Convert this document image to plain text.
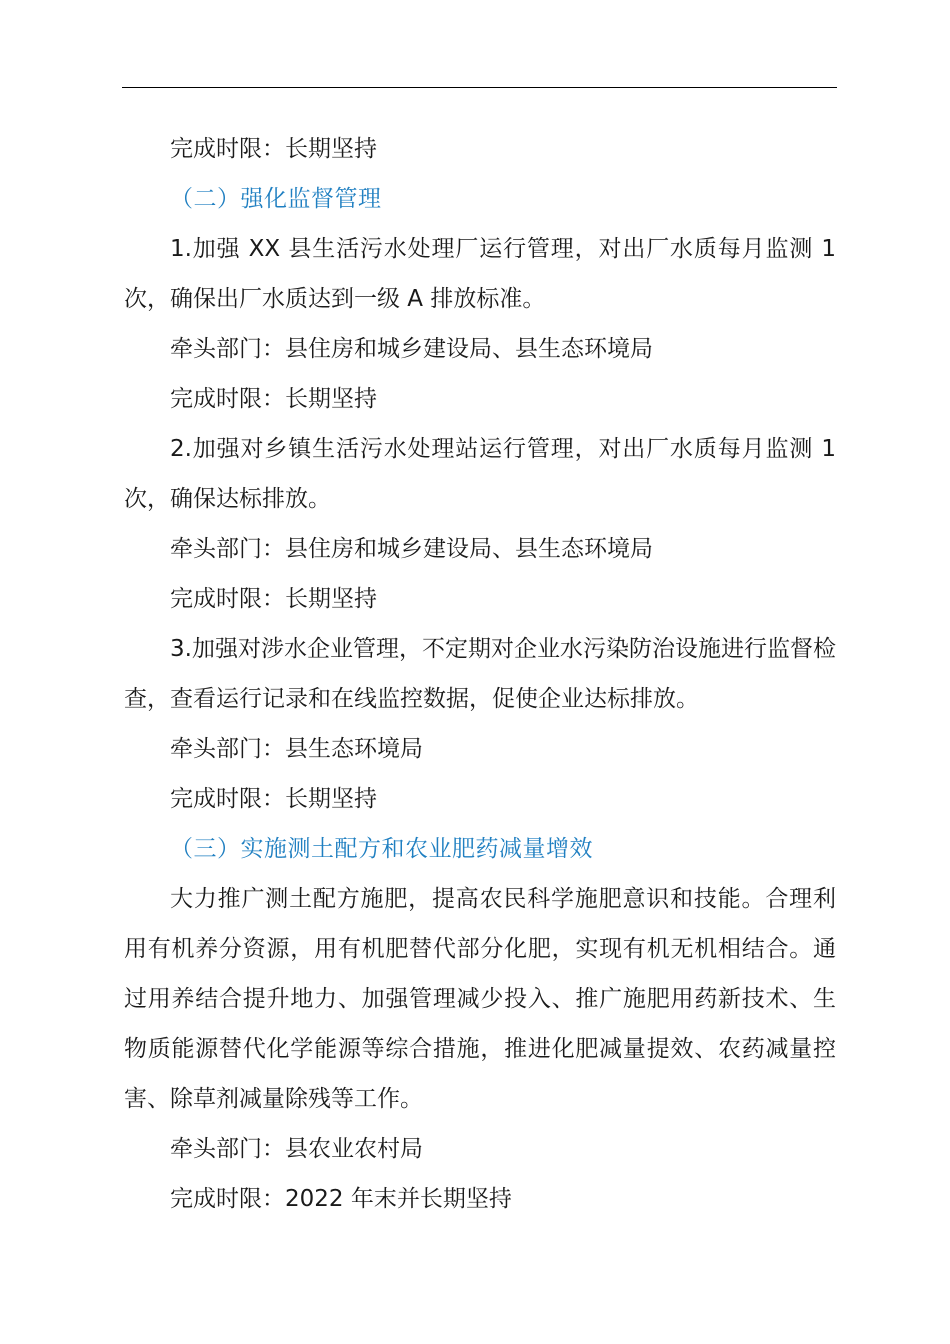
完成时限：长期坚持

（二）强化监督管理

1.加强 XX 县生活污水处理厂运行管理，对出厂水质每月监测 1 次，确保出厂水质达到一级 A 排放标准。

牵头部门：县住房和城乡建设局、县生态环境局

完成时限：长期坚持

2.加强对乡镇生活污水处理站运行管理，对出厂水质每月监测 1 次，确保达标排放。

牵头部门：县住房和城乡建设局、县生态环境局

完成时限：长期坚持

3.加强对涉水企业管理，不定期对企业水污染防治设施进行监督检查，查看运行记录和在线监控数据，促使企业达标排放。

牵头部门：县生态环境局

完成时限：长期坚持

（三）实施测土配方和农业肥药减量增效

大力推广测土配方施肥，提高农民科学施肥意识和技能。合理利用有机养分资源，用有机肥替代部分化肥，实现有机无机相结合。通过用养结合提升地力、加强管理减少投入、推广施肥用药新技术、生物质能源替代化学能源等综合措施，推进化肥减量提效、农药减量控害、除草剂减量除残等工作。

牵头部门：县农业农村局

完成时限：2022 年末并长期坚持
